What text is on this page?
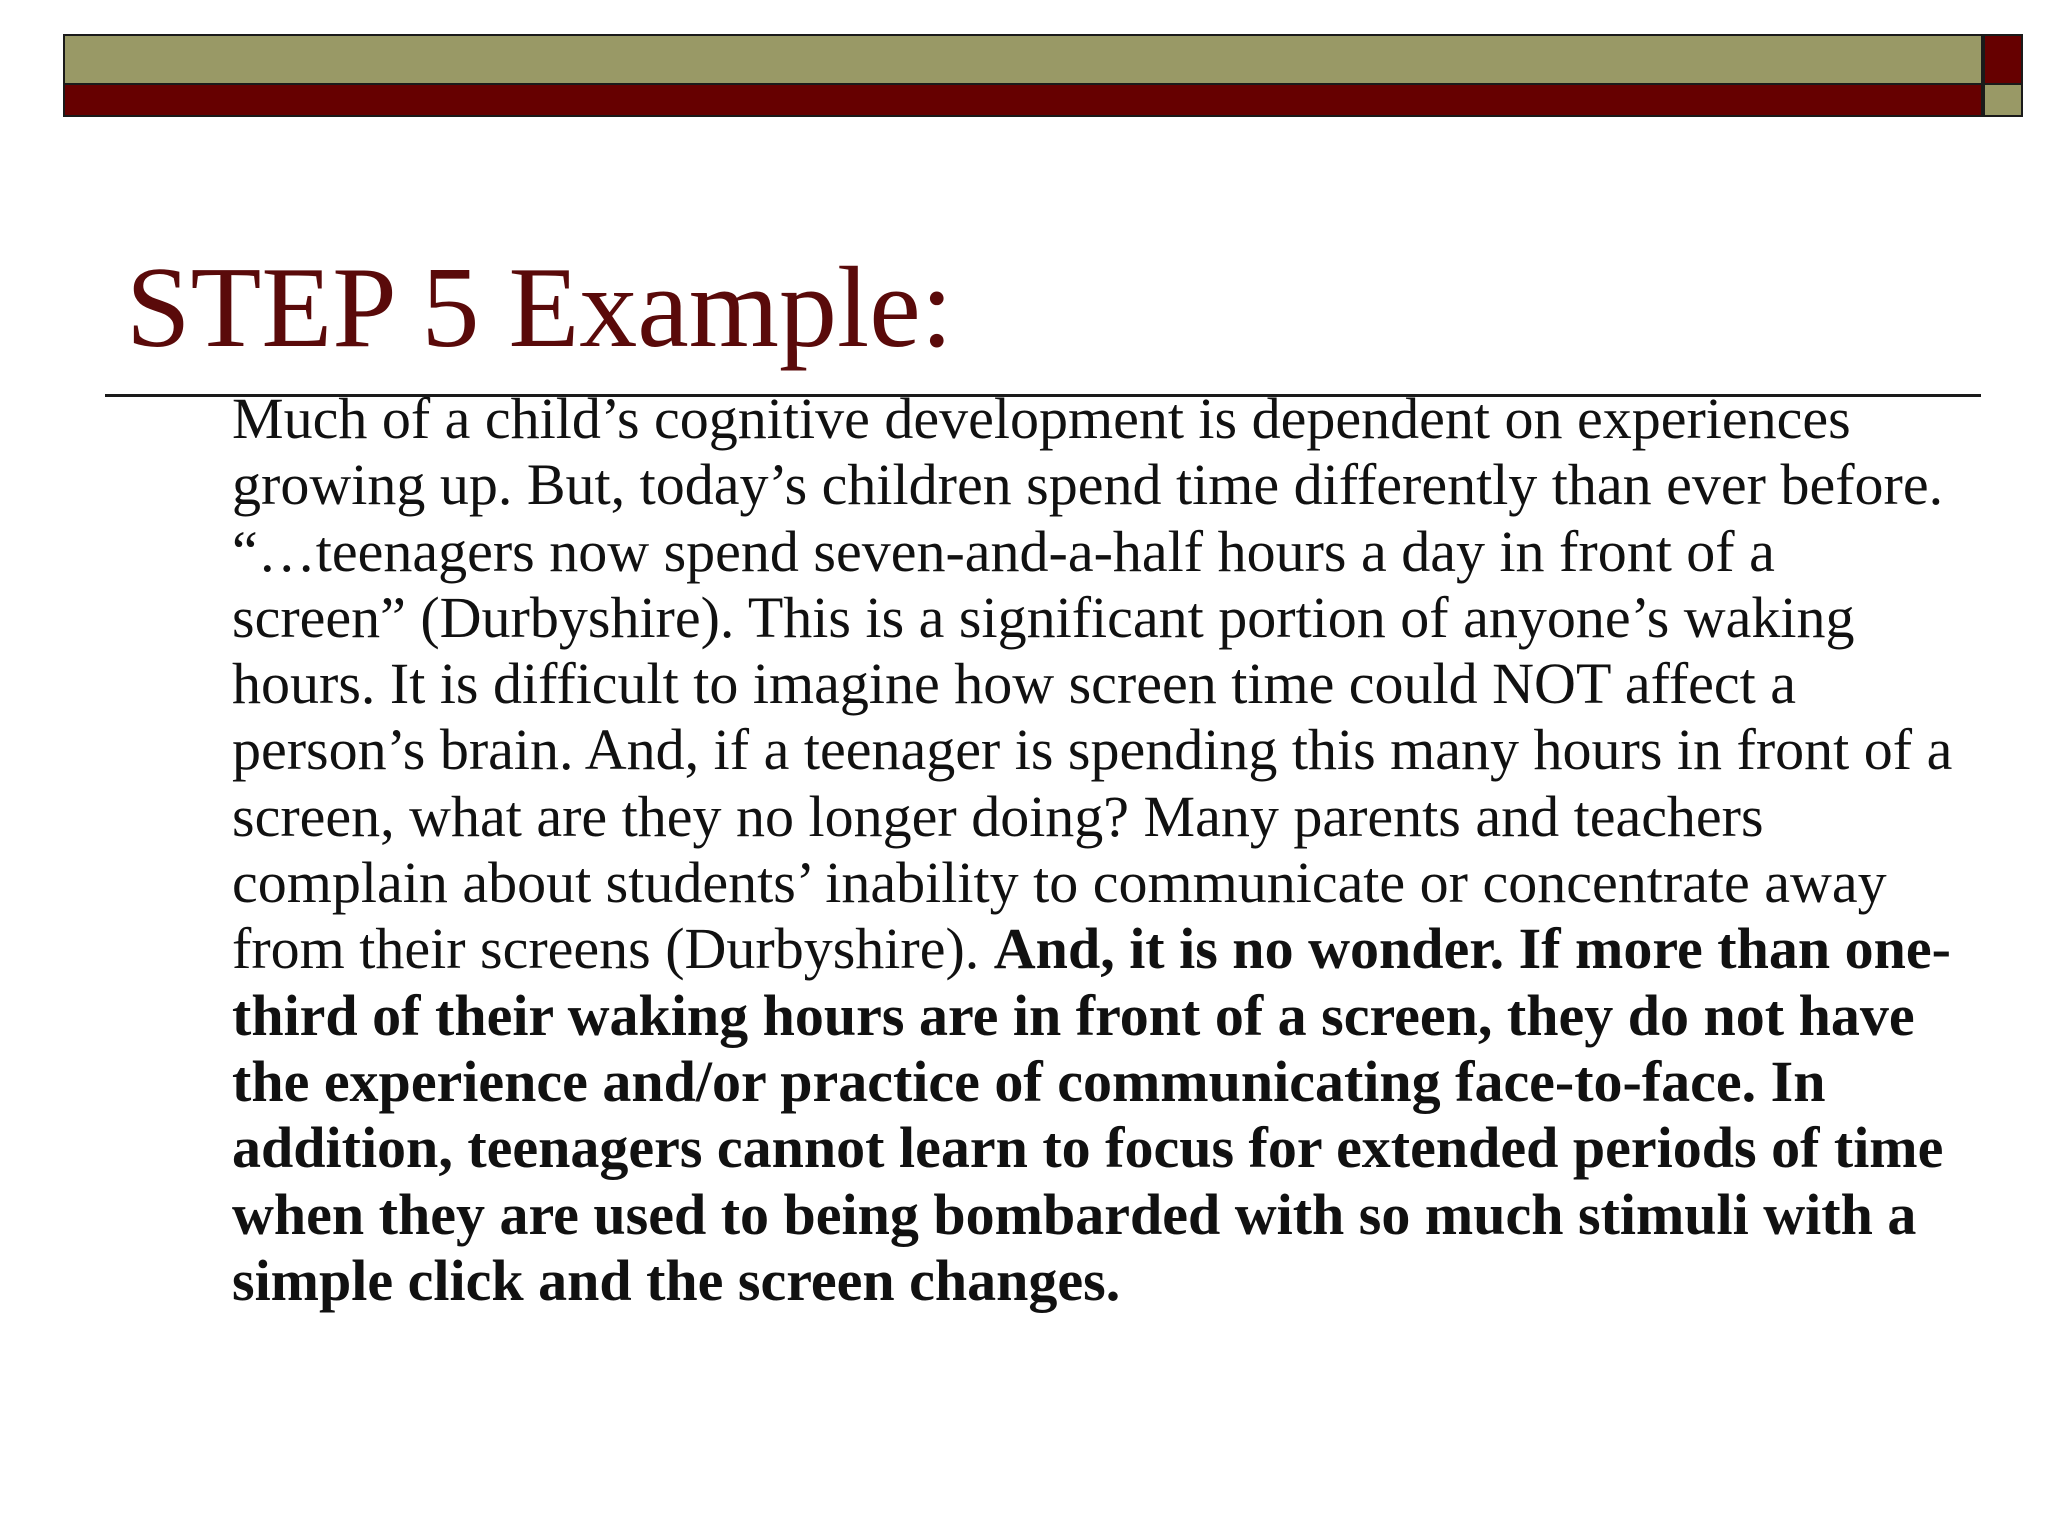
STEP 5 Example:

Much of a child’s cognitive development is dependent on experiences growing up. But, today’s children spend time differently than ever before. “…teenagers now spend seven-and-a-half hours a day in front of a screen” (Durbyshire). This is a significant portion of anyone’s waking hours. It is difficult to imagine how screen time could NOT affect a person’s brain. And, if a teenager is spending this many hours in front of a screen, what are they no longer doing? Many parents and teachers complain about students’ inability to communicate or concentrate away from their screens (Durbyshire). And, it is no wonder. If more than one-third of their waking hours are in front of a screen, they do not have the experience and/or practice of communicating face-to-face. In addition, teenagers cannot learn to focus for extended periods of time when they are used to being bombarded with so much stimuli with a simple click and the screen changes.
